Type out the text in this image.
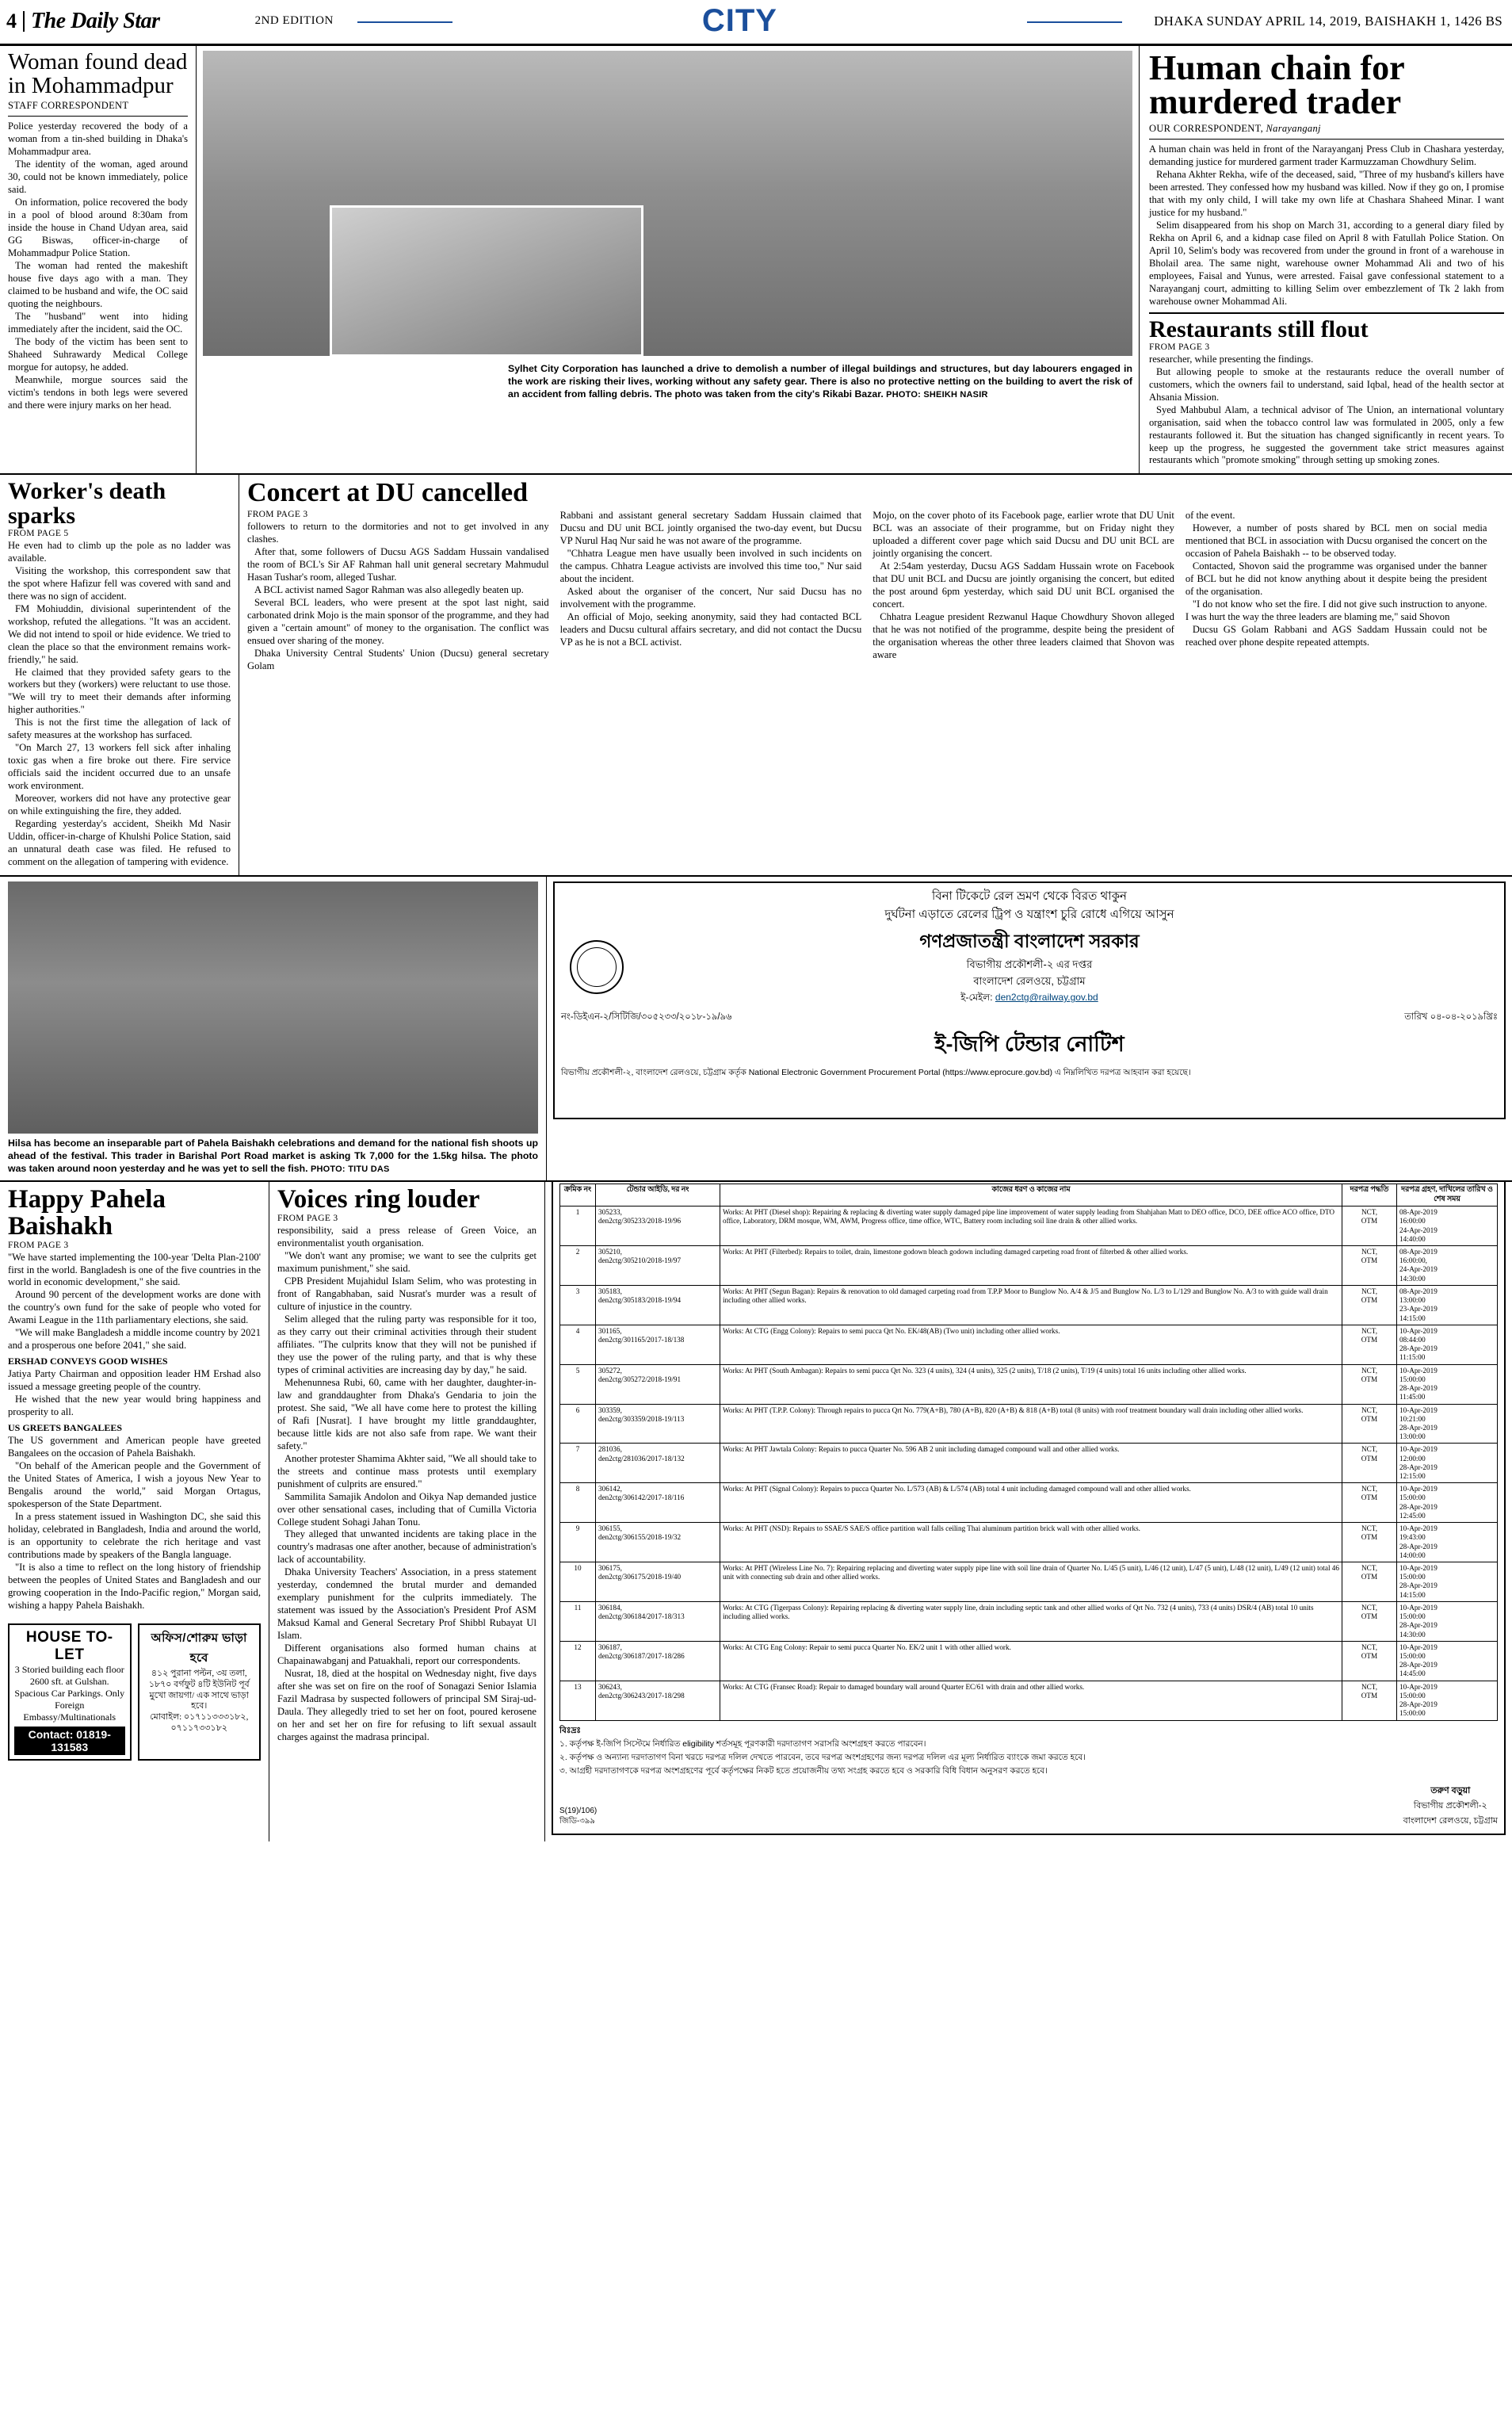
4 The Daily Star	2ND EDITION	CITY	DHAKA SUNDAY APRIL 14, 2019, BAISHAKH 1, 1426 BS
Woman found dead in Mohammadpur
STAFF CORRESPONDENT

Police yesterday recovered the body of a woman from a tin-shed building in Dhaka's Mohammadpur area.

The identity of the woman, aged around 30, could not be known immediately, police said.

On information, police recovered the body in a pool of blood around 8:30am from inside the house in Chand Udyan area, said GG Biswas, officer-in-charge of Mohammadpur Police Station.

The woman had rented the makeshift house five days ago with a man. They claimed to be husband and wife, the OC said quoting the neighbours.

The "husband" went into hiding immediately after the incident, said the OC.

The body of the victim has been sent to Shaheed Suhrawardy Medical College morgue for autopsy, he added.

Meanwhile, morgue sources said the victim's tendons in both legs were severed and there were injury marks on her head.

Sylhet City Corporation has launched a drive to demolish a number of illegal buildings and structures, but day labourers engaged in the work are risking their lives, working without any safety gear. There is also no protective netting on the building to avert the risk of an accident from falling debris. The photo was taken from the city's Rikabi Bazar. PHOTO: SHEIKH NASIR
Human chain for murdered trader
OUR CORRESPONDENT, Narayanganj

A human chain was held in front of the Narayanganj Press Club in Chashara yesterday, demanding justice for murdered garment trader Karmuzzaman Chowdhury Selim.

Rehana Akhter Rekha, wife of the deceased, said, "Three of my husband's killers have been arrested. They confessed how my husband was killed. Now if they go on, I promise that with my only child, I will take my own life at Chashara Shaheed Minar. I want justice for my husband."

Selim disappeared from his shop on March 31, according to a general diary filed by Rekha on April 6, and a kidnap case filed on April 8 with Fatullah Police Station. On April 10, Selim's body was recovered from under the ground in front of a warehouse in Bholail area. The same night, warehouse owner Mohammad Ali and two of his employees, Faisal and Yunus, were arrested. Faisal gave confessional statement to a Narayanganj court, admitting to killing Selim over embezzlement of Tk 2 lakh from warehouse owner Mohammad Ali.

Restaurants still flout
FROM PAGE 3

researcher, while presenting the findings.

But allowing people to smoke at the restaurants reduce the overall number of customers, which the owners fail to understand, said Iqbal, head of the health sector at Ahsania Mission.

Syed Mahbubul Alam, a technical advisor of The Union, an international voluntary organisation, said when the tobacco control law was formulated in 2005, only a few restaurants followed it. But the situation has changed significantly in recent years. To keep up the progress, he suggested the government take strict measures against restaurants which "promote smoking" through setting up smoking zones.

Worker's death sparks
FROM PAGE 5

He even had to climb up the pole as no ladder was available.

Visiting the workshop, this correspondent saw that the spot where Hafizur fell was covered with sand and there was no sign of accident.

FM Mohiuddin, divisional superintendent of the workshop, refuted the allegations. "It was an accident. We did not intend to spoil or hide evidence. We tried to clean the place so that the environment remains work-friendly," he said.

He claimed that they provided safety gears to the workers but they (workers) were reluctant to use those. "We will try to meet their demands after informing higher authorities."

This is not the first time the allegation of lack of safety measures at the workshop has surfaced.

"On March 27, 13 workers fell sick after inhaling toxic gas when a fire broke out there. Fire service officials said the incident occurred due to an unsafe work environment.

Moreover, workers did not have any protective gear on while extinguishing the fire, they added.

Regarding yesterday's accident, Sheikh Md Nasir Uddin, officer-in-charge of Khulshi Police Station, said an unnatural death case was filed. He refused to comment on the allegation of tampering with evidence.

Concert at DU cancelled
FROM PAGE 3

followers to return to the dormitories and not to get involved in any clashes.

After that, some followers of Ducsu AGS Saddam Hussain vandalised the room of BCL's Sir AF Rahman hall unit general secretary Mahmudul Hasan Tushar's room, alleged Tushar.

A BCL activist named Sagor Rahman was also allegedly beaten up.

Several BCL leaders, who were present at the spot last night, said carbonated drink Mojo is the main sponsor of the programme, and they had given a "certain amount" of money to the organisation. The conflict was ensued over sharing of the money.

Dhaka University Central Students' Union (Ducsu) general secretary Golam

Rabbani and assistant general secretary Saddam Hussain claimed that Ducsu and DU unit BCL jointly organised the two-day event, but Ducsu VP Nurul Haq Nur said he was not aware of the programme.

"Chhatra League men have usually been involved in such incidents on the campus. Chhatra League activists are involved this time too," Nur said about the incident.

Asked about the organiser of the concert, Nur said Ducsu has no involvement with the programme.

An official of Mojo, seeking anonymity, said they had contacted BCL leaders and Ducsu cultural affairs secretary, and did not contact the Ducsu VP as he is not a BCL activist.

Mojo, on the cover photo of its Facebook page, earlier wrote that DU Unit BCL was an associate of their programme, but on Friday night they uploaded a different cover page which said Ducsu and DU unit BCL are jointly organising the concert.

At 2:54am yesterday, Ducsu AGS Saddam Hussain wrote on Facebook that DU unit BCL and Ducsu are jointly organising the concert, but edited the post around 6pm yesterday, which said DU unit BCL organised the concert.

Chhatra League president Rezwanul Haque Chowdhury Shovon alleged that he was not notified of the programme, despite being the president of the organisation whereas the other three leaders claimed that Shovon was aware

of the event.

However, a number of posts shared by BCL men on social media mentioned that BCL in association with Ducsu organised the concert on the occasion of Pahela Baishakh -- to be observed today.

Contacted, Shovon said the programme was organised under the banner of BCL but he did not know anything about it despite being the president of the organisation.

"I do not know who set the fire. I did not give such instruction to anyone. I was hurt the way the three leaders are blaming me," said Shovon

Ducsu GS Golam Rabbani and AGS Saddam Hussain could not be reached over phone despite repeated attempts.

Hilsa has become an inseparable part of Pahela Baishakh celebrations and demand for the national fish shoots up ahead of the festival. This trader in Barishal Port Road market is asking Tk 7,000 for the 1.5kg hilsa. The photo was taken around noon yesterday and he was yet to sell the fish. PHOTO: TITU DAS
বিনা টিকেটে রেল ভ্রমণ থেকে বিরত থাকুন
দুর্ঘটনা এড়াতে রেলের ট্রিপ ও যন্ত্রাংশ চুরি রোধে এগিয়ে আসুন
গণপ্রজাতন্ত্রী বাংলাদেশ সরকার
বিভাগীয় প্রকৌশলী-২ এর দপ্তর
বাংলাদেশ রেলওয়ে, চট্টগ্রাম
ই-মেইল: den2ctg@railway.gov.bd
নং-ডিইএন-২/সিটিজি/৩০৫২৩৩/২০১৮-১৯/৯৬	তারিখ ০৪-০৪-২০১৯খ্রিঃ
ই-জিপি টেন্ডার নোটিশ
বিভাগীয় প্রকৌশলী-২, বাংলাদেশ রেলওয়ে, চট্টগ্রাম কর্তৃক National Electronic Government Procurement Portal (https://www.eprocure.gov.bd) এ নিম্নলিখিত দরপত্র আহবান করা হয়েছে।
Happy Pahela Baishakh
FROM PAGE 3

"We have started implementing the 100-year 'Delta Plan-2100' first in the world. Bangladesh is one of the five countries in the world in economic development," she said.

Around 90 percent of the development works are done with the country's own fund for the sake of people who voted for Awami League in the 11th parliamentary elections, she said.

"We will make Bangladesh a middle income country by 2021 and a prosperous one before 2041," she said.

ERSHAD CONVEYS GOOD WISHES

Jatiya Party Chairman and opposition leader HM Ershad also issued a message greeting people of the country.

He wished that the new year would bring happiness and prosperity to all.

US GREETS BANGALEES

The US government and American people have greeted Bangalees on the occasion of Pahela Baishakh.

"On behalf of the American people and the Government of the United States of America, I wish a joyous New Year to Bengalis around the world," said Morgan Ortagus, spokesperson of the State Department.

In a press statement issued in Washington DC, she said this holiday, celebrated in Bangladesh, India and around the world, is an opportunity to celebrate the rich heritage and vast contributions made by speakers of the Bangla language.

"It is also a time to reflect on the long history of friendship between the peoples of United States and Bangladesh and our growing cooperation in the Indo-Pacific region," Morgan said, wishing a happy Pahela Baishakh.

HOUSE TO-LET
3 Storied building each floor 2600 sft. at Gulshan. Spacious Car Parkings. Only Foreign Embassy/Multinationals
Contact: 01819-131583
অফিস/শোরুম ভাড়া হবে
৪১২ পুরানা পল্টন, ৩য় তলা,
১৮৭০ বর্গফুট ৪টি ইউনিট পূর্ব
মুখাে জায়গা/ এক সাথে ভাড়া হবে।
মোবাইল: ০১৭১১৩৩৩১৮২,
০৭১১৭৩৩১৮২
Voices ring louder
FROM PAGE 3

responsibility, said a press release of Green Voice, an environmentalist youth organisation.

"We don't want any promise; we want to see the culprits get maximum punishment," she said.

CPB President Mujahidul Islam Selim, who was protesting in front of Rangabhaban, said Nusrat's murder was a result of culture of injustice in the country.

Selim alleged that the ruling party was responsible for it too, as they carry out their criminal activities through their student affiliates. "The culprits know that they will not be punished if they use the power of the ruling party, and that is why these types of criminal activities are increasing day by day," he said.

Mehenunnesa Rubi, 60, came with her daughter, daughter-in-law and granddaughter from Dhaka's Gendaria to join the protest. She said, "We all have come here to protest the killing of Rafi [Nusrat]. I have brought my little granddaughter, because little kids are not also safe from rape. We want their safety."

Another protester Shamima Akhter said, "We all should take to the streets and continue mass protests until exemplary punishment of culprits are ensured."

Sammilita Samajik Andolon and Oikya Nap demanded justice over other sensational cases, including that of Cumilla Victoria College student Sohagi Jahan Tonu.

They alleged that unwanted incidents are taking place in the country's madrasas one after another, because of administration's lack of accountability.

Dhaka University Teachers' Association, in a press statement yesterday, condemned the brutal murder and demanded exemplary punishment for the culprits immediately. The statement was issued by the Association's President Prof ASM Maksud Kamal and General Secretary Prof Shibbl Rubayat Ul Islam.

Different organisations also formed human chains at Chapainawabganj and Patuakhali, report our correspondents.

Nusrat, 18, died at the hospital on Wednesday night, five days after she was set on fire on the roof of Sonagazi Senior Islamia Fazil Madrasa by suspected followers of principal SM Siraj-ud-Daula. They allegedly tried to set her on foot, poured kerosene on her and set her on fire for refusing to lift sexual assault charges against the madrasa principal.

ক্রমিক নং	টেন্ডার আইডি, দর নং	কাজের ধরণ ও কাজের নাম	দরপত্র পদ্ধতি	দরপত্র গ্রহণ, দাখিলের তারিখ ও শেষ সময়
1	305233,
den2ctg/305233/2018-19/96	Works: At PHT (Diesel shop): Repairing & replacing & diverting water supply damaged pipe line improvement of water supply leading from Shahjahan Matt to DEO office, DCO, DEE office ACO office, DTO office, Laboratory, DRM mosque, WM, AWM, Progress office, time office, WTC, Battery room including soil line drain & other allied works.	NCT,
OTM	08-Apr-2019
16:00:00
24-Apr-2019
14:40:00
2	305210,
den2ctg/305210/2018-19/97	Works: At PHT (Filterbed): Repairs to toilet, drain, limestone godown bleach godown including damaged carpeting road front of filterbed & other allied works.	NCT,
OTM	08-Apr-2019
16:00:00,
24-Apr-2019
14:30:00
3	305183,
den2ctg/305183/2018-19/94	Works: At PHT (Segun Bagan): Repairs & renovation to old damaged carpeting road from T.P.P Moor to Bunglow No. A/4 & J/5 and Bunglow No. L/3 to L/129 and Bunglow No. A/3 to with guide wall drain including other allied works.	NCT,
OTM	08-Apr-2019
13:00:00
23-Apr-2019
14:15:00
4	301165,
den2ctg/301165/2017-18/138	Works: At CTG (Engg Colony): Repairs to semi pucca Qrt No. EK/48(AB) (Two unit) including other allied works.	NCT,
OTM	10-Apr-2019
08:44:00
28-Apr-2019
11:15:00
5	305272,
den2ctg/305272/2018-19/91	Works: At PHT (South Ambagan): Repairs to semi pucca Qrt No. 323 (4 units), 324 (4 units), 325 (2 units), T/18 (2 units), T/19 (4 units) total 16 units including other allied works.	NCT,
OTM	10-Apr-2019
15:00:00
28-Apr-2019
11:45:00
6	303359,
den2ctg/303359/2018-19/113	Works: At PHT (T.P.P. Colony): Through repairs to pucca Qrt No. 779(A+B), 780 (A+B), 820 (A+B) & 818 (A+B) total (8 units) with roof treatment boundary wall drain including other allied works.	NCT,
OTM	10-Apr-2019
10:21:00
28-Apr-2019
13:00:00
7	281036,
den2ctg/281036/2017-18/132	Works: At PHT Jawtala Colony: Repairs to pucca Quarter No. 596 AB 2 unit including damaged compound wall and other allied works.	NCT,
OTM	10-Apr-2019
12:00:00
28-Apr-2019
12:15:00
8	306142,
den2ctg/306142/2017-18/116	Works: At PHT (Signal Colony): Repairs to pucca Quarter No. L/573 (AB) & L/574 (AB) total 4 unit including damaged compound wall and other allied works.	NCT,
OTM	10-Apr-2019
15:00:00
28-Apr-2019
12:45:00
9	306155,
den2ctg/306155/2018-19/32	Works: At PHT (NSD): Repairs to SSAE/S SAE/S office partition wall falls ceiling Thai aluminum partition brick wall with other allied works.	NCT,
OTM	10-Apr-2019
19:43:00
28-Apr-2019
14:00:00
10	306175,
den2ctg/306175/2018-19/40	Works: At PHT (Wireless Line No. 7): Repairing replacing and diverting water supply pipe line with soil line drain of Quarter No. L/45 (5 unit), L/46 (12 unit), L/47 (5 unit), L/48 (12 unit), L/49 (12 unit) total 46 unit with connecting sub drain and other allied works.	NCT,
OTM	10-Apr-2019
15:00:00
28-Apr-2019
14:15:00
11	306184,
den2ctg/306184/2017-18/313	Works: At CTG (Tigerpass Colony): Repairing replacing & diverting water supply line, drain including septic tank and other allied works of Qrt No. 732 (4 units), 733 (4 units) DSR/4 (AB) total 10 units including allied works.	NCT,
OTM	10-Apr-2019
15:00:00
28-Apr-2019
14:30:00
12	306187,
den2ctg/306187/2017-18/286	Works: At CTG Eng Colony: Repair to semi pucca Quarter No. EK/2 unit 1 with other allied work.	NCT,
OTM	10-Apr-2019
15:00:00
28-Apr-2019
14:45:00
13	306243,
den2ctg/306243/2017-18/298	Works: At CTG (Fransec Road): Repair to damaged boundary wall around Quarter EC/61 with drain and other allied works.	NCT,
OTM	10-Apr-2019
15:00:00
28-Apr-2019
15:00:00
বিঃদ্রঃ
১. কর্তৃপক্ষ ই-জিপি সিস্টেমে নির্ধারিত eligibility শর্তসমূহ পূরণকারী দরদাতাগণ সরাসরি অংশগ্রহণ করতে পারবেন।
২. কর্তৃপক্ষ ও অন্যান্য দরদাতাগণ বিনা খরচে দরপত্র দলিল দেখতে পারবেন, তবে দরপত্র অংশগ্রহণের জন্য দরপত্র দলিল এর মূল্য নির্ধারিত ব্যাংকে জমা করতে হবে।
৩. আগ্রহী দরদাতাগণকে দরপত্র অংশগ্রহণের পূর্বে কর্তৃপক্ষের নিকট হতে প্রয়োজনীয় তথ্য সংগ্রহ করতে হবে ও সরকারি বিধি বিধান অনুসরণ করতে হবে।
S(19)/106)
জিডি-৩৯৯
তরুণ বড়ুয়া
বিভাগীয় প্রকৌশলী-২
বাংলাদেশ রেলওয়ে, চট্টগ্রাম
